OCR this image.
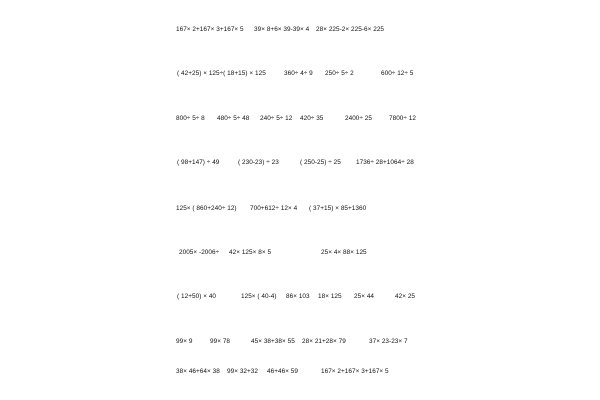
167× 2+167× 3+167× 5 39× 8+6× 39-39× 4 28× 225-2× 225-6× 225
( 42+25) × 125÷( 18+15) × 125	360÷ 4÷ 9 250÷ 5÷ 2	600÷ 12÷ 5
800÷ 5÷ 8 480÷ 5÷ 48 240÷ 5÷ 12 420÷ 35	2400÷ 25	7800÷ 12
( 98+147) ÷ 49	( 230-23) ÷ 23	( 250-25) ÷ 25 1736÷ 28+1064÷ 28
125× ( 860+240÷ 12) 700+612÷ 12× 4 ( 37+15) × 85+1360
2005× -2006÷ 42× 125× 8× 5	25× 4× 88× 125
( 12+50) × 40	125× ( 40-4) 86× 103 18× 125 25× 44	42× 25
99× 9	99× 78	45× 38+38× 55 28× 21+28× 79	37× 23-23× 7
38× 46+64× 38 99× 32+32 46+46× 59	167× 2+167× 3+167× 5
